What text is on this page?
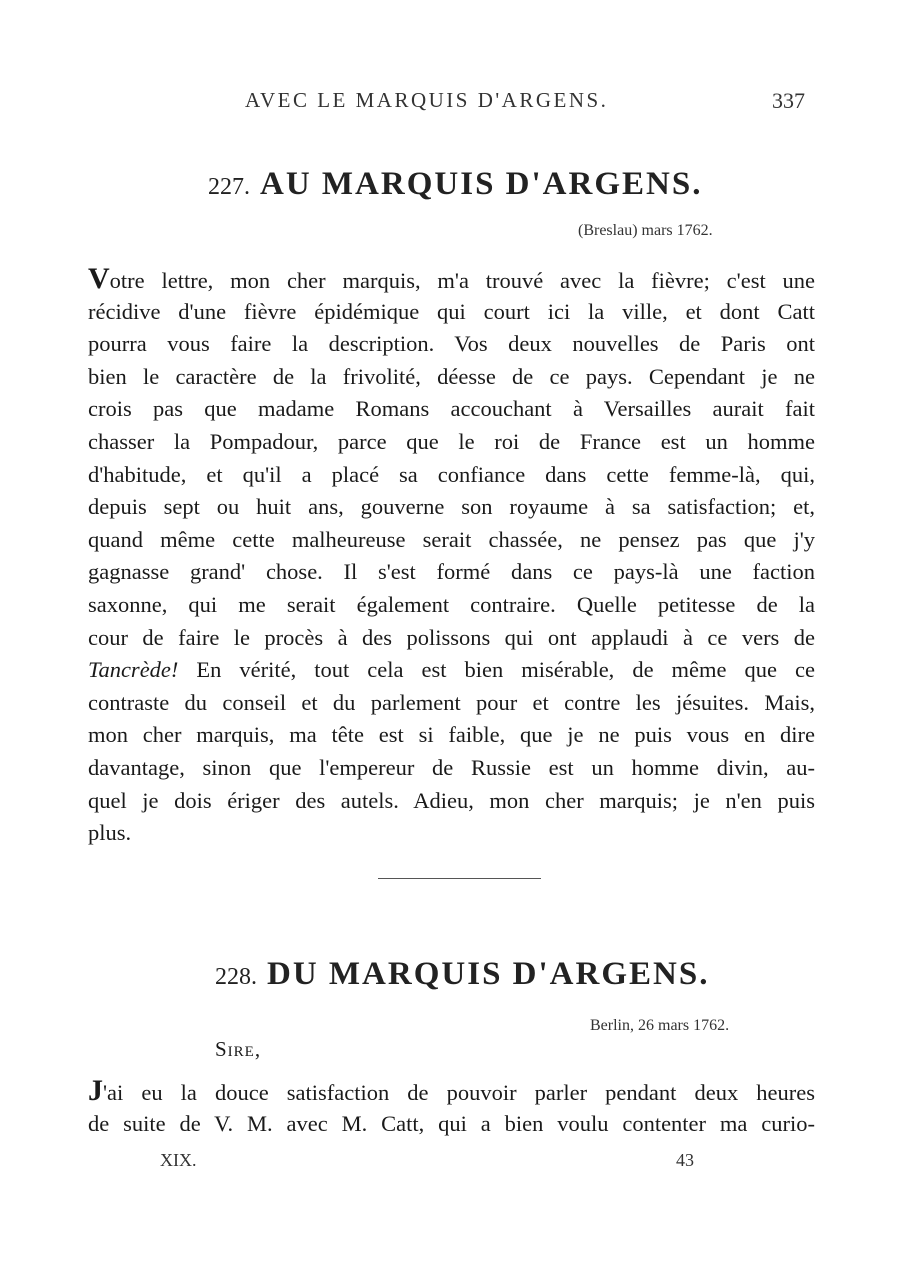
AVEC LE MARQUIS D'ARGENS.	337
227. AU MARQUIS D'ARGENS.
(Breslau) mars 1762.
Votre lettre, mon cher marquis, m'a trouvé avec la fièvre; c'est une
récidive d'une fièvre épidémique qui court ici la ville, et dont Catt
pourra vous faire la description. Vos deux nouvelles de Paris ont
bien le caractère de la frivolité, déesse de ce pays. Cependant je ne
crois pas que madame Romans accouchant à Versailles aurait fait
chasser la Pompadour, parce que le roi de France est un homme
d'habitude, et qu'il a placé sa confiance dans cette femme-là, qui,
depuis sept ou huit ans, gouverne son royaume à sa satisfaction; et,
quand même cette malheureuse serait chassée, ne pensez pas que j'y
gagnasse grand' chose. Il s'est formé dans ce pays-là une faction
saxonne, qui me serait également contraire. Quelle petitesse de la
cour de faire le procès à des polissons qui ont applaudi à ce vers de
Tancrède! En vérité, tout cela est bien misérable, de même que ce
contraste du conseil et du parlement pour et contre les jésuites. Mais,
mon cher marquis, ma tête est si faible, que je ne puis vous en dire
davantage, sinon que l'empereur de Russie est un homme divin, au-
quel je dois ériger des autels. Adieu, mon cher marquis; je n'en puis
plus.
228. DU MARQUIS D'ARGENS.
Berlin, 26 mars 1762.
Sire,
J'ai eu la douce satisfaction de pouvoir parler pendant deux heures
de suite de V. M. avec M. Catt, qui a bien voulu contenter ma curio-
XIX.	43
